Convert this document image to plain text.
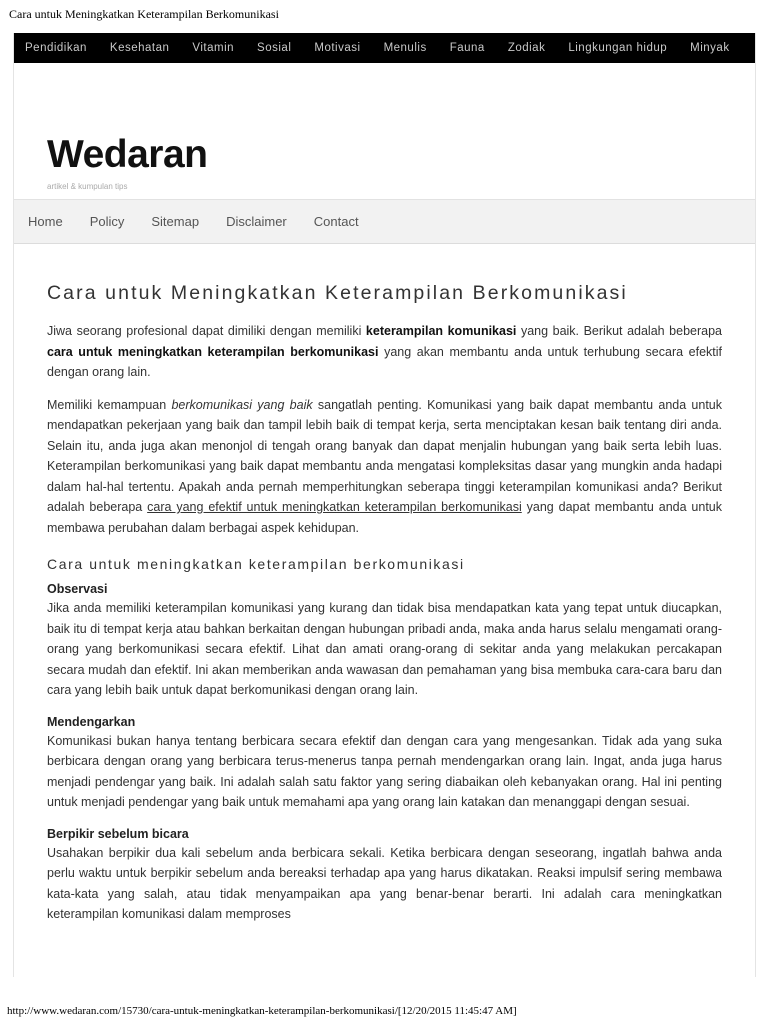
Cara untuk Meningkatkan Keterampilan Berkomunikasi
Pendidikan Kesehatan Vitamin Sosial Motivasi Menulis Fauna Zodiak Lingkungan hidup Minyak
Wedaran
artikel & kumpulan tips
Home Policy Sitemap Disclaimer Contact
Cara untuk Meningkatkan Keterampilan Berkomunikasi

Jiwa seorang profesional dapat dimiliki dengan memiliki keterampilan komunikasi yang baik. Berikut adalah beberapa cara untuk meningkatkan keterampilan berkomunikasi yang akan membantu anda untuk terhubung secara efektif dengan orang lain.

Memiliki kemampuan berkomunikasi yang baik sangatlah penting. Komunikasi yang baik dapat membantu anda untuk mendapatkan pekerjaan yang baik dan tampil lebih baik di tempat kerja, serta menciptakan kesan baik tentang diri anda. Selain itu, anda juga akan menonjol di tengah orang banyak dan dapat menjalin hubungan yang baik serta lebih luas. Keterampilan berkomunikasi yang baik dapat membantu anda mengatasi kompleksitas dasar yang mungkin anda hadapi dalam hal-hal tertentu. Apakah anda pernah memperhitungkan seberapa tinggi keterampilan komunikasi anda? Berikut adalah beberapa cara yang efektif untuk meningkatkan keterampilan berkomunikasi yang dapat membantu anda untuk membawa perubahan dalam berbagai aspek kehidupan.

Cara untuk meningkatkan keterampilan berkomunikasi
Observasi

Jika anda memiliki keterampilan komunikasi yang kurang dan tidak bisa mendapatkan kata yang tepat untuk diucapkan, baik itu di tempat kerja atau bahkan berkaitan dengan hubungan pribadi anda, maka anda harus selalu mengamati orang-orang yang berkomunikasi secara efektif. Lihat dan amati orang-orang di sekitar anda yang melakukan percakapan secara mudah dan efektif. Ini akan memberikan anda wawasan dan pemahaman yang bisa membuka cara-cara baru dan cara yang lebih baik untuk dapat berkomunikasi dengan orang lain.

Mendengarkan

Komunikasi bukan hanya tentang berbicara secara efektif dan dengan cara yang mengesankan. Tidak ada yang suka berbicara dengan orang yang berbicara terus-menerus tanpa pernah mendengarkan orang lain. Ingat, anda juga harus menjadi pendengar yang baik. Ini adalah salah satu faktor yang sering diabaikan oleh kebanyakan orang. Hal ini penting untuk menjadi pendengar yang baik untuk memahami apa yang orang lain katakan dan menanggapi dengan sesuai.

Berpikir sebelum bicara

Usahakan berpikir dua kali sebelum anda berbicara sekali. Ketika berbicara dengan seseorang, ingatlah bahwa anda perlu waktu untuk berpikir sebelum anda bereaksi terhadap apa yang harus dikatakan. Reaksi impulsif sering membawa kata-kata yang salah, atau tidak menyampaikan apa yang benar-benar berarti. Ini adalah cara meningkatkan keterampilan komunikasi dalam memproses

http://www.wedaran.com/15730/cara-untuk-meningkatkan-keterampilan-berkomunikasi/[12/20/2015 11:45:47 AM]
